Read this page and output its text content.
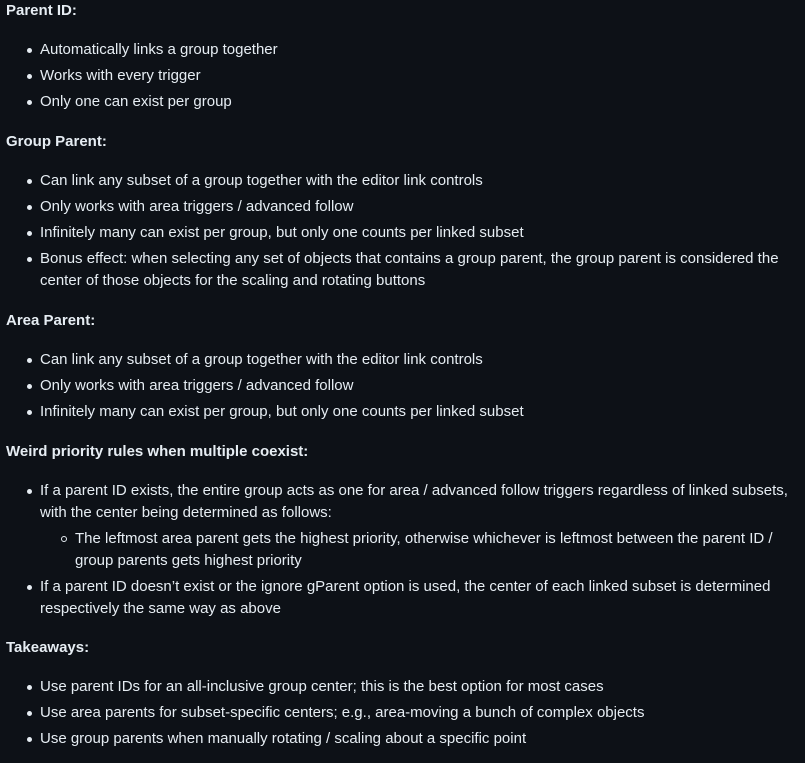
Parent ID:
Automatically links a group together
Works with every trigger
Only one can exist per group
Group Parent:
Can link any subset of a group together with the editor link controls
Only works with area triggers / advanced follow
Infinitely many can exist per group, but only one counts per linked subset
Bonus effect: when selecting any set of objects that contains a group parent, the group parent is considered the center of those objects for the scaling and rotating buttons
Area Parent:
Can link any subset of a group together with the editor link controls
Only works with area triggers / advanced follow
Infinitely many can exist per group, but only one counts per linked subset
Weird priority rules when multiple coexist:
If a parent ID exists, the entire group acts as one for area / advanced follow triggers regardless of linked subsets, with the center being determined as follows:
The leftmost area parent gets the highest priority, otherwise whichever is leftmost between the parent ID / group parents gets highest priority
If a parent ID doesn’t exist or the ignore gParent option is used, the center of each linked subset is determined respectively the same way as above
Takeaways:
Use parent IDs for an all-inclusive group center; this is the best option for most cases
Use area parents for subset-specific centers; e.g., area-moving a bunch of complex objects
Use group parents when manually rotating / scaling about a specific point
